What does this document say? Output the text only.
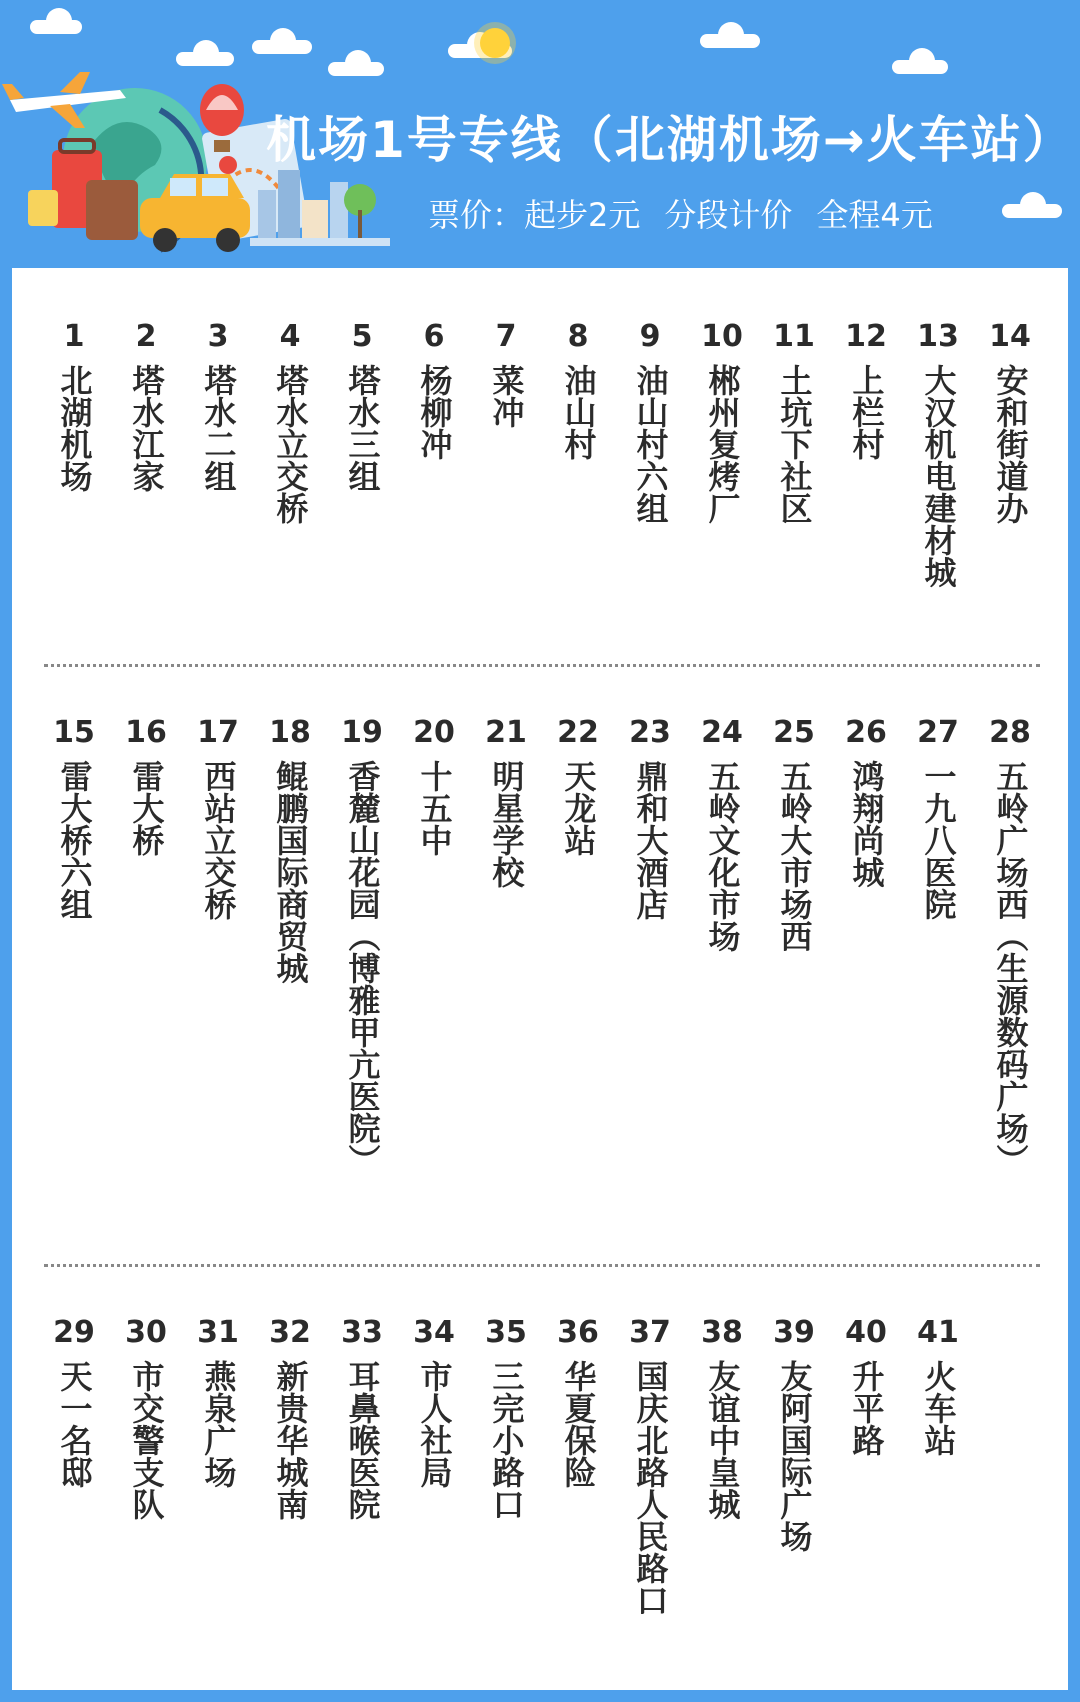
机场1号专线（北湖机场→火车站）
票价：起步2元 分段计价 全程4元
1
北湖机场
2
塔水江家
3
塔水二组
4
塔水立交桥
5
塔水三组
6
杨柳冲
7
菜冲
8
油山村
9
油山村六组
10
郴州复烤厂
11
土坑下社区
12
上栏村
13
大汉机电建材城
14
安和街道办
15
雷大桥六组
16
雷大桥
17
西站立交桥
18
鲲鹏国际商贸城
19
香麓山花园（博雅甲亢医院）
20
十五中
21
明星学校
22
天龙站
23
鼎和大酒店
24
五岭文化市场
25
五岭大市场西
26
鸿翔尚城
27
一九八医院
28
五岭广场西（生源数码广场）
29
天一名邸
30
市交警支队
31
燕泉广场
32
新贵华城南
33
耳鼻喉医院
34
市人社局
35
三完小路口
36
华夏保险
37
国庆北路人民路口
38
友谊中皇城
39
友阿国际广场
40
升平路
41
火车站
